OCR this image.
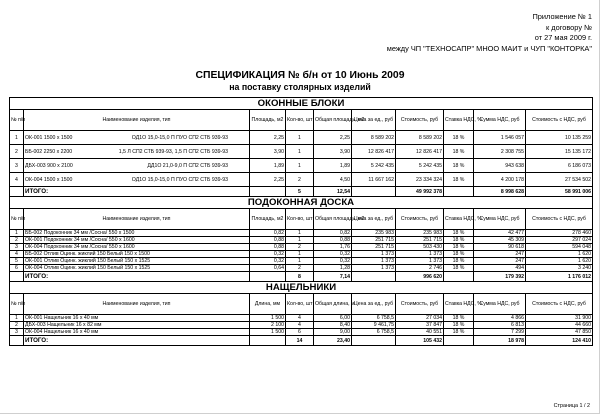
Приложение № 1
к договору №
от 27 мая 2009 г.
между ЧП "ТЕХНОСАПР" МНОО МАИТ и ЧУП "КОНТОРКА"
СПЕЦИФИКАЦИЯ № б/н от 10 Июнь 2009
на поставку столярных изделий
ОКОННЫЕ БЛОКИ									
№ п/п	Наименование изделия, тип	Площадь, м2	Кол-во, шт	Общая площадь, м2	Цена за ед., руб	Стоимость, руб	Ставка НДС, %	Сумма НДС, руб	Стоимость с НДС, руб
1	ОК-001 1500 х 1500 ОД1О 15,0-15,0 П ПУО СП2 СТБ 939-93	2,25	1	2,25	8 589 202	8 589 202	18 %	1 546 057	10 135 259
2	ББ-002 2250 х 2200 1,5 Л СП2 СТБ 939-93, 1,5 П СП2 СТБ 939-93	3,90	1	3,90	12 826 417	12 826 417	18 %	2 308 755	15 135 172
3	ДБХ-003 900 х 2100 ДД1О 21,0-9,0 П СП2 СТБ 939-93	1,89	1	1,89	5 242 435	5 242 435	18 %	943 638	6 186 073
4	ОК-004 1500 х 1500 ОД1О 15,0-15,0 П ПУО СП2 СТБ 939-93	2,25	2	4,50	11 667 162	23 334 324	18 %	4 200 178	27 534 502
	ИТОГО:		5	12,54		49 992 378		8 998 628	58 991 006
ПОДОКОННАЯ ДОСКА									
№ п/п	Наименование изделия, тип	Площадь, м2	Кол-во, шт	Общая площадь, м2	Цена за ед., руб	Стоимость, руб	Ставка НДС, %	Сумма НДС, руб	Стоимость с НДС, руб
1	ББ-002 Подоконник 34 мм /Сосна/ 550 х 1500	0,82	1	0,82	235 983	235 983	18 %	42 477	278 460
2	ОК-001 Подоконник 34 мм /Сосна/ 550 х 1600	0,88	1	0,88	251 715	251 715	18 %	45 309	297 024
3	ОК-004 Подоконник 34 мм /Сосна/ 550 х 1600	0,88	2	1,76	251 715	503 430	18 %	90 618	594 048
4	ББ-002 Отлив Оцинк. жиклий 150 Белый 150 х 1500	0,32	1	0,32	1 373	1 373	18 %	247	1 620
5	ОК-001 Отлив Оцинк. жиклий 150 Белый 150 х 1525	0,32	1	0,32	1 373	1 373	18 %	247	1 620
6	ОК-004 Отлив Оцинк. жиклий 150 Белый 150 х 1525	0,64	2	1,28	1 373	2 746	18 %	494	3 240
	ИТОГО:		8	7,14		996 620		179 392	1 176 012
НАЩЕЛЬНИКИ									
№ п/п	Наименование изделия, тип	Длина, мм	Кол-во, шт	Общая длина, м	Цена за ед., руб	Стоимость, руб	Ставка НДС, %	Сумма НДС, руб	Стоимость с НДС, руб
1	ОК-001 Нащельник 16 х 40 мм	1 500	4	6,00	6 758,5	27 034	18 %	4 866	31 900
2	ДБХ-003 Нащельник 16 х 82 мм	2 100	4	8,40	9 461,75	37 847	18 %	6 813	44 660
3	ОК-004 Нащельник 16 х 40 мм	1 500	6	9,00	6 758,5	40 551	18 %	7 299	47 850
	ИТОГО:		14	23,40		105 432		18 978	124 410
Страница 1 / 2
